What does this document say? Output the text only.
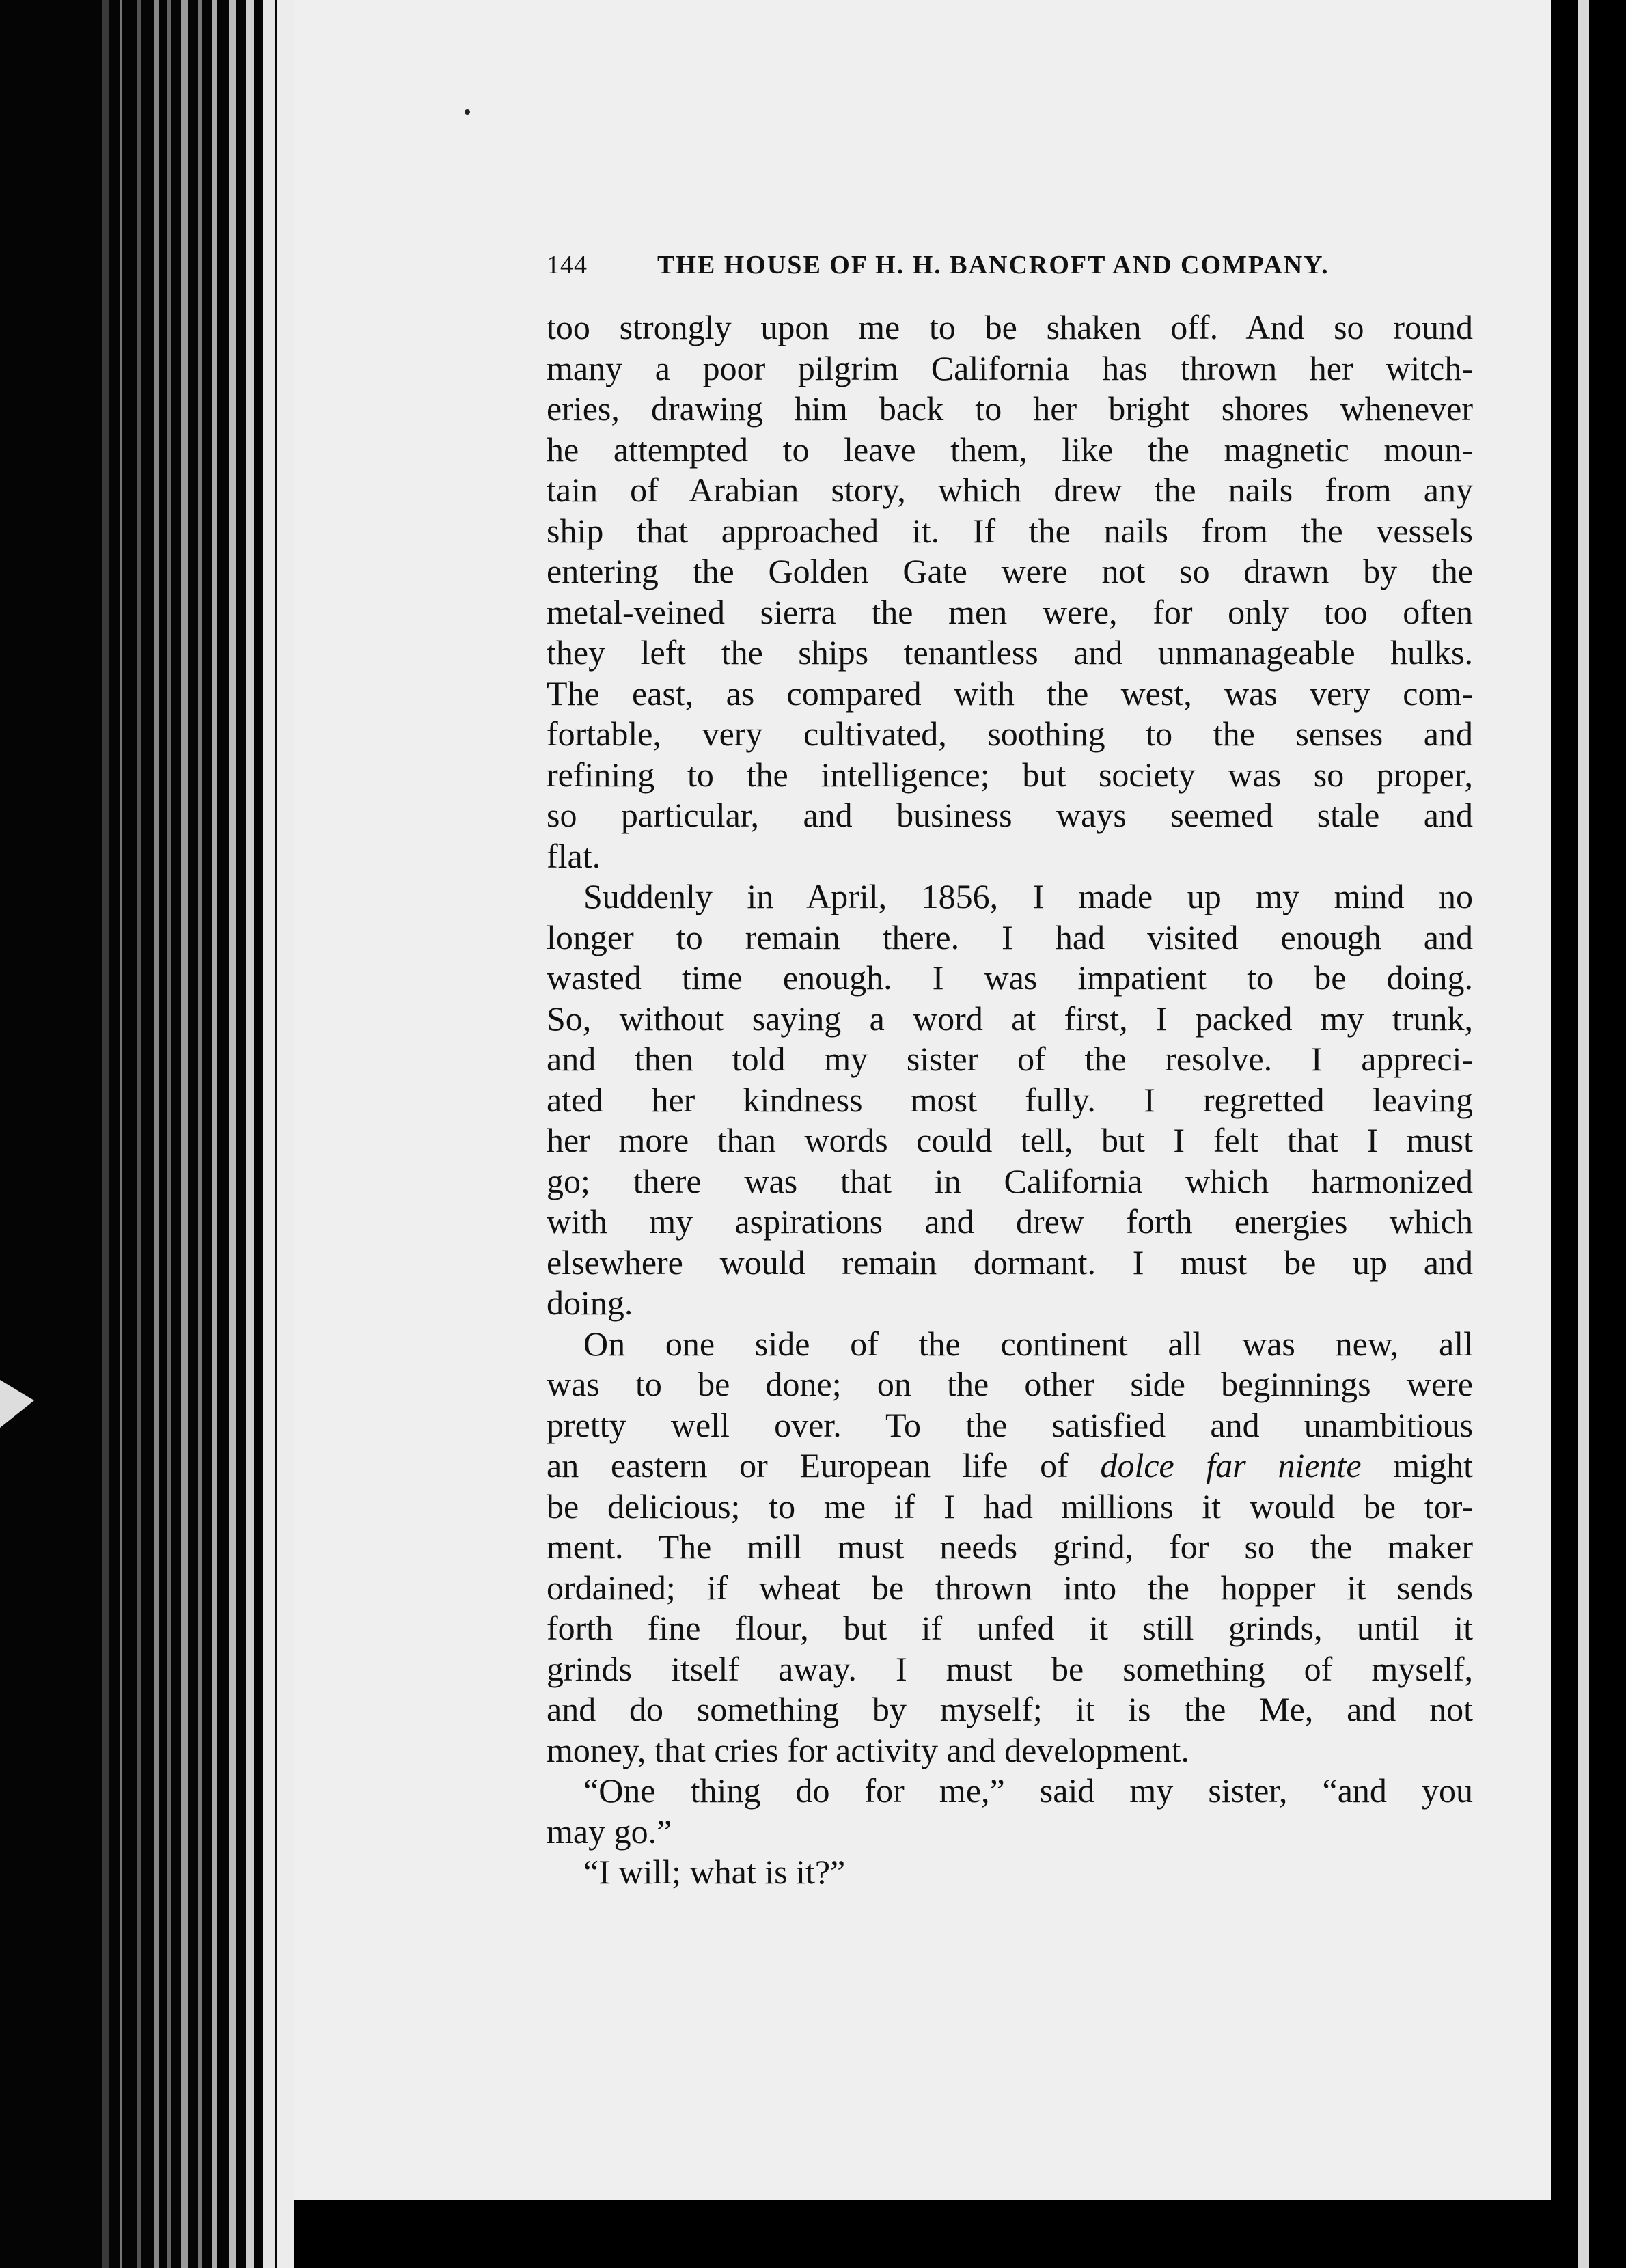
144	THE HOUSE OF H. H. BANCROFT AND COMPANY.
too strongly upon me to be shaken off. And so round
many a poor pilgrim California has thrown her witch-
eries, drawing him back to her bright shores whenever
he attempted to leave them, like the magnetic moun-
tain of Arabian story, which drew the nails from any
ship that approached it. If the nails from the vessels
entering the Golden Gate were not so drawn by the
metal-veined sierra the men were, for only too often
they left the ships tenantless and unmanageable hulks.
The east, as compared with the west, was very com-
fortable, very cultivated, soothing to the senses and
refining to the intelligence; but society was so proper,
so particular, and business ways seemed stale and
flat.
Suddenly in April, 1856, I made up my mind no
longer to remain there. I had visited enough and
wasted time enough. I was impatient to be doing.
So, without saying a word at first, I packed my trunk,
and then told my sister of the resolve. I appreci-
ated her kindness most fully. I regretted leaving
her more than words could tell, but I felt that I must
go; there was that in California which harmonized
with my aspirations and drew forth energies which
elsewhere would remain dormant. I must be up and
doing.
On one side of the continent all was new, all
was to be done; on the other side beginnings were
pretty well over. To the satisfied and unambitious
an eastern or European life of dolce far niente might
be delicious; to me if I had millions it would be tor-
ment. The mill must needs grind, for so the maker
ordained; if wheat be thrown into the hopper it sends
forth fine flour, but if unfed it still grinds, until it
grinds itself away. I must be something of myself,
and do something by myself; it is the Me, and not
money, that cries for activity and development.
“One thing do for me,” said my sister, “and you
may go.”
“I will; what is it?”
